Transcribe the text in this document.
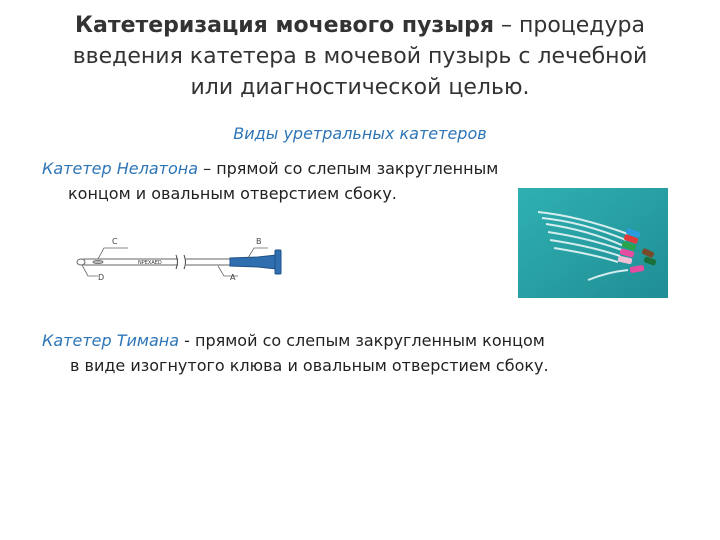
Катетеризация мочевого пузыря – процедура
введения катетера в мочевой пузырь с лечебной
или диагностической целью.
Виды уретральных катетеров
Катетер Нелатона – прямой со слепым закругленным
концом и овальным отверстием сбоку.
NPEXAED
C	B
D	A
Катетер Тимана - прямой со слепым закругленным концом
в виде изогнутого клюва и овальным отверстием сбоку.
